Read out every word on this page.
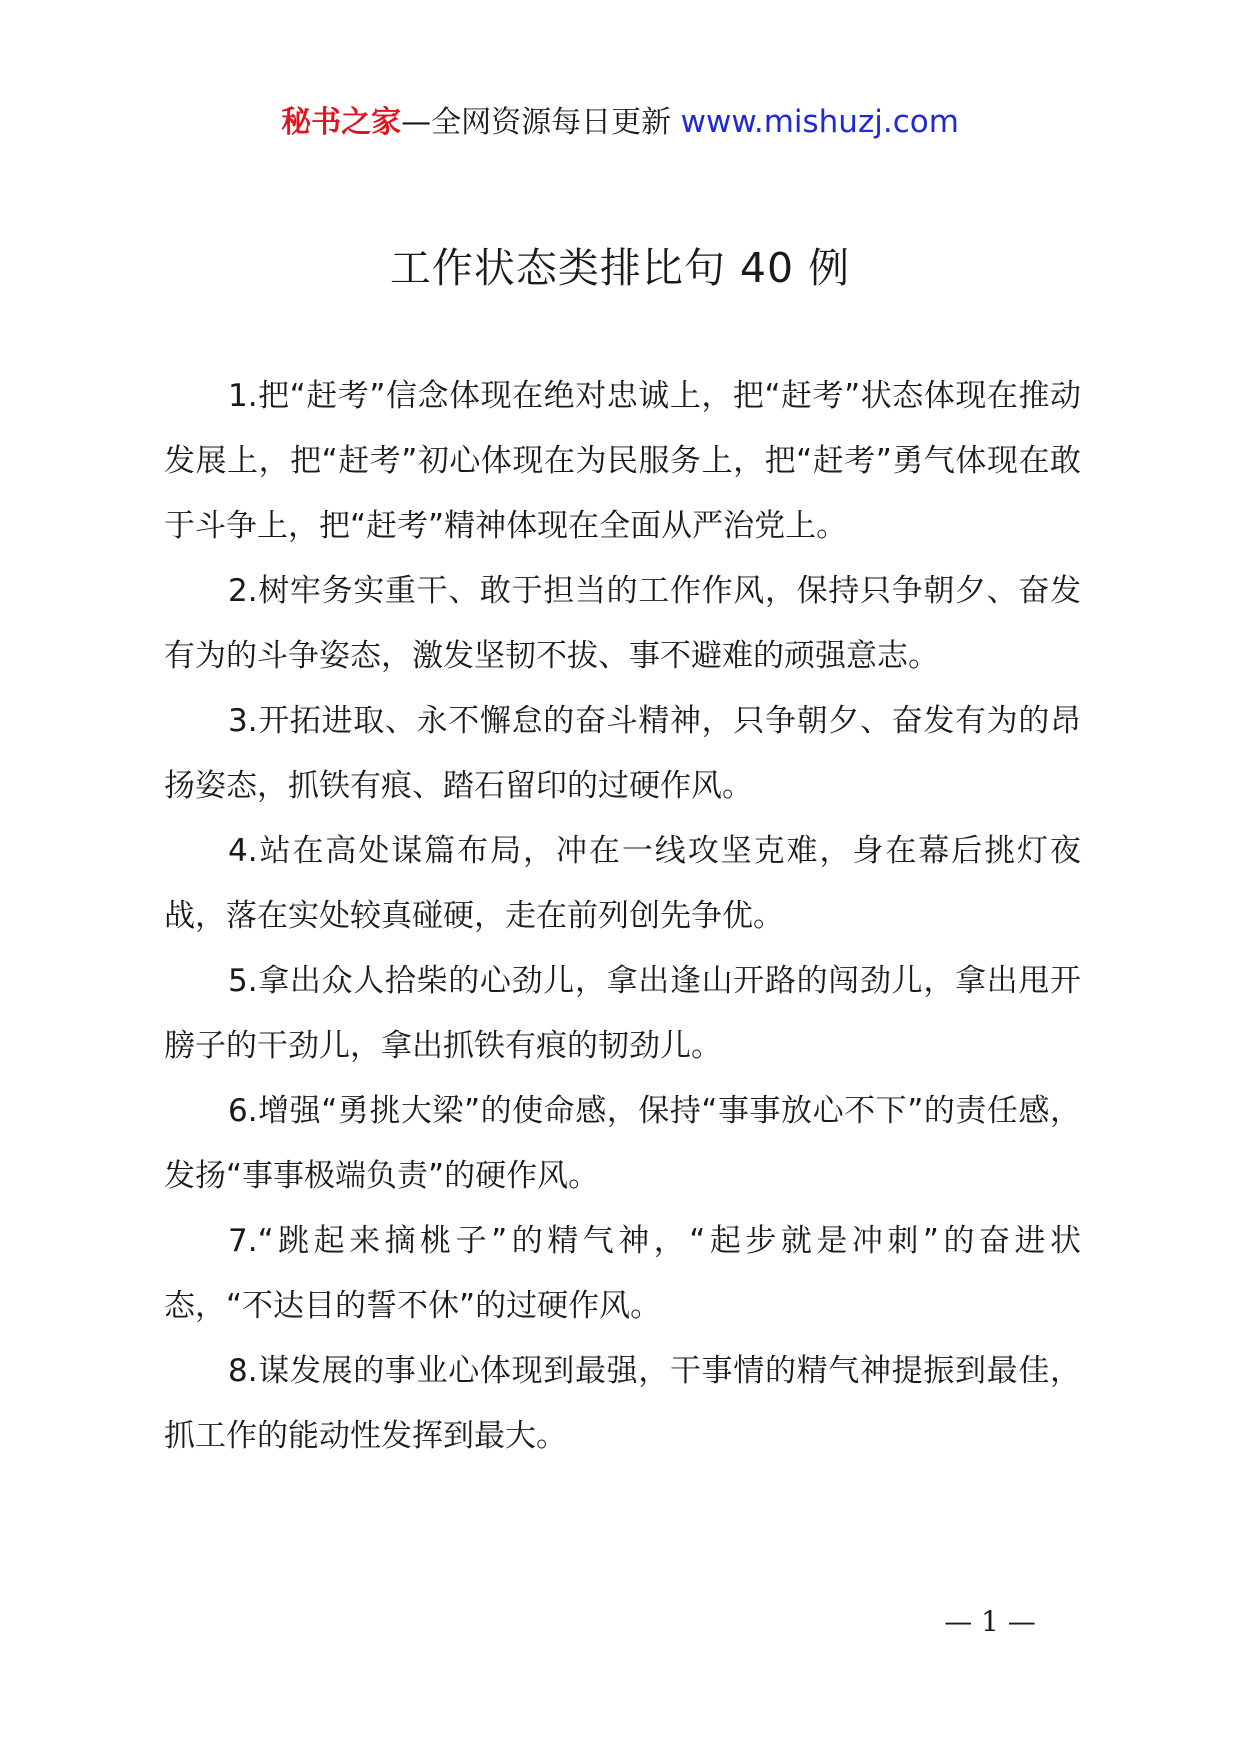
秘书之家—全网资源每日更新 www.mishuzj.com
工作状态类排比句 40 例

1.把“赶考”信念体现在绝对忠诚上，把“赶考”状态体现在推动发展上，把“赶考”初心体现在为民服务上，把“赶考”勇气体现在敢于斗争上，把“赶考”精神体现在全面从严治党上。

2.树牢务实重干、敢于担当的工作作风，保持只争朝夕、奋发有为的斗争姿态，激发坚韧不拔、事不避难的顽强意志。

3.开拓进取、永不懈怠的奋斗精神，只争朝夕、奋发有为的昂扬姿态，抓铁有痕、踏石留印的过硬作风。

4.站在高处谋篇布局，冲在一线攻坚克难，身在幕后挑灯夜战，落在实处较真碰硬，走在前列创先争优。

5.拿出众人拾柴的心劲儿，拿出逢山开路的闯劲儿，拿出甩开膀子的干劲儿，拿出抓铁有痕的韧劲儿。

6.增强“勇挑大梁”的使命感，保持“事事放心不下”的责任感，发扬“事事极端负责”的硬作风。

7.“跳起来摘桃子”的精气神，“起步就是冲刺”的奋进状态，“不达目的誓不休”的过硬作风。

8.谋发展的事业心体现到最强，干事情的精气神提振到最佳，抓工作的能动性发挥到最大。

— 1 —
